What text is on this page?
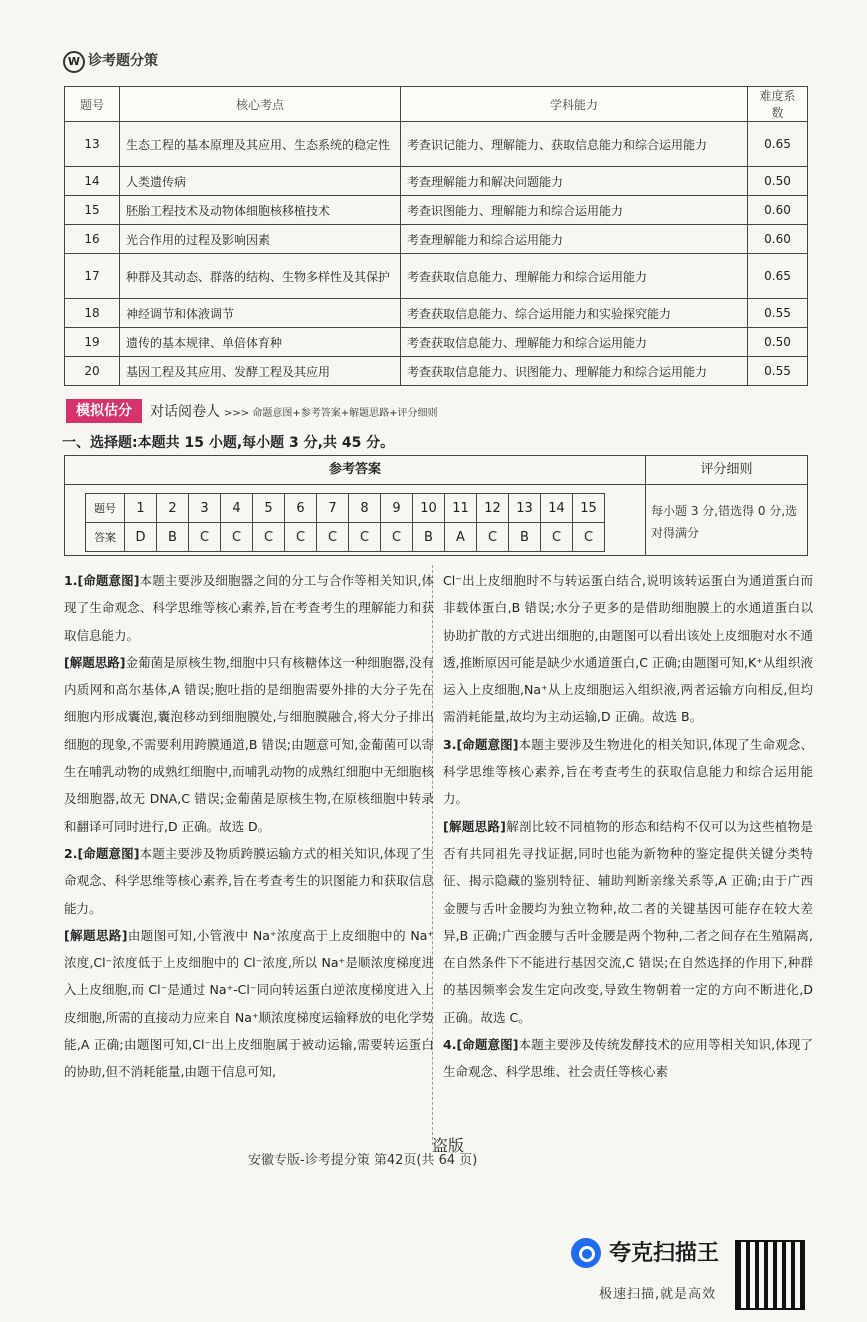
W 诊考题分策
题号	核心考点	学科能力	难度系数
13	生态工程的基本原理及其应用、生态系统的稳定性	考查识记能力、理解能力、获取信息能力和综合运用能力	0.65
14	人类遗传病	考查理解能力和解决问题能力	0.50
15	胚胎工程技术及动物体细胞核移植技术	考查识图能力、理解能力和综合运用能力	0.60
16	光合作用的过程及影响因素	考查理解能力和综合运用能力	0.60
17	种群及其动态、群落的结构、生物多样性及其保护	考查获取信息能力、理解能力和综合运用能力	0.65
18	神经调节和体液调节	考查获取信息能力、综合运用能力和实验探究能力	0.55
19	遗传的基本规律、单倍体育种	考查获取信息能力、理解能力和综合运用能力	0.50
20	基因工程及其应用、发酵工程及其应用	考查获取信息能力、识图能力、理解能力和综合运用能力	0.55
模拟估分 对话阅卷人 >>> 命题意图+参考答案+解题思路+评分细则
一、选择题:本题共 15 小题,每小题 3 分,共 45 分。
参考答案	评分细则
每小题 3 分,错选得 0 分,选对得满分
题号	1	2	3	4	5	6	7	8	9	10	11	12	13	14	15
答案	D	B	C	C	C	C	C	C	C	B	A	C	B	C	C

1.[命题意图]本题主要涉及细胞器之间的分工与合作等相关知识,体现了生命观念、科学思维等核心素养,旨在考查考生的理解能力和获取信息能力。

[解题思路]金葡菌是原核生物,细胞中只有核糖体这一种细胞器,没有内质网和高尔基体,A 错误;胞吐指的是细胞需要外排的大分子先在细胞内形成囊泡,囊泡移动到细胞膜处,与细胞膜融合,将大分子排出细胞的现象,不需要利用跨膜通道,B 错误;由题意可知,金葡菌可以寄生在哺乳动物的成熟红细胞中,而哺乳动物的成熟红细胞中无细胞核及细胞器,故无 DNA,C 错误;金葡菌是原核生物,在原核细胞中转录和翻译可同时进行,D 正确。故选 D。

2.[命题意图]本题主要涉及物质跨膜运输方式的相关知识,体现了生命观念、科学思维等核心素养,旨在考查考生的识图能力和获取信息能力。

[解题思路]由题图可知,小管液中 Na⁺浓度高于上皮细胞中的 Na⁺浓度,Cl⁻浓度低于上皮细胞中的 Cl⁻浓度,所以 Na⁺是顺浓度梯度进入上皮细胞,而 Cl⁻是通过 Na⁺-Cl⁻同向转运蛋白逆浓度梯度进入上皮细胞,所需的直接动力应来自 Na⁺顺浓度梯度运输释放的电化学势能,A 正确;由题图可知,Cl⁻出上皮细胞属于被动运输,需要转运蛋白的协助,但不消耗能量,由题干信息可知,

Cl⁻出上皮细胞时不与转运蛋白结合,说明该转运蛋白为通道蛋白而非载体蛋白,B 错误;水分子更多的是借助细胞膜上的水通道蛋白以协助扩散的方式进出细胞的,由题图可以看出该处上皮细胞对水不通透,推断原因可能是缺少水通道蛋白,C 正确;由题图可知,K⁺从组织液运入上皮细胞,Na⁺从上皮细胞运入组织液,两者运输方向相反,但均需消耗能量,故均为主动运输,D 正确。故选 B。

3.[命题意图]本题主要涉及生物进化的相关知识,体现了生命观念、科学思维等核心素养,旨在考查考生的获取信息能力和综合运用能力。

[解题思路]解剖比较不同植物的形态和结构不仅可以为这些植物是否有共同祖先寻找证据,同时也能为新物种的鉴定提供关键分类特征、揭示隐藏的鉴别特征、辅助判断亲缘关系等,A 正确;由于广西金腰与舌叶金腰均为独立物种,故二者的关键基因可能存在较大差异,B 正确;广西金腰与舌叶金腰是两个物种,二者之间存在生殖隔离,在自然条件下不能进行基因交流,C 错误;在自然选择的作用下,种群的基因频率会发生定向改变,导致生物朝着一定的方向不断进化,D 正确。故选 C。

4.[命题意图]本题主要涉及传统发酵技术的应用等相关知识,体现了生命观念、科学思维、社会责任等核心素

安徽专版-诊考提分策 第42页(共 64 页)
盗版
夸克扫描王
极速扫描,就是高效
